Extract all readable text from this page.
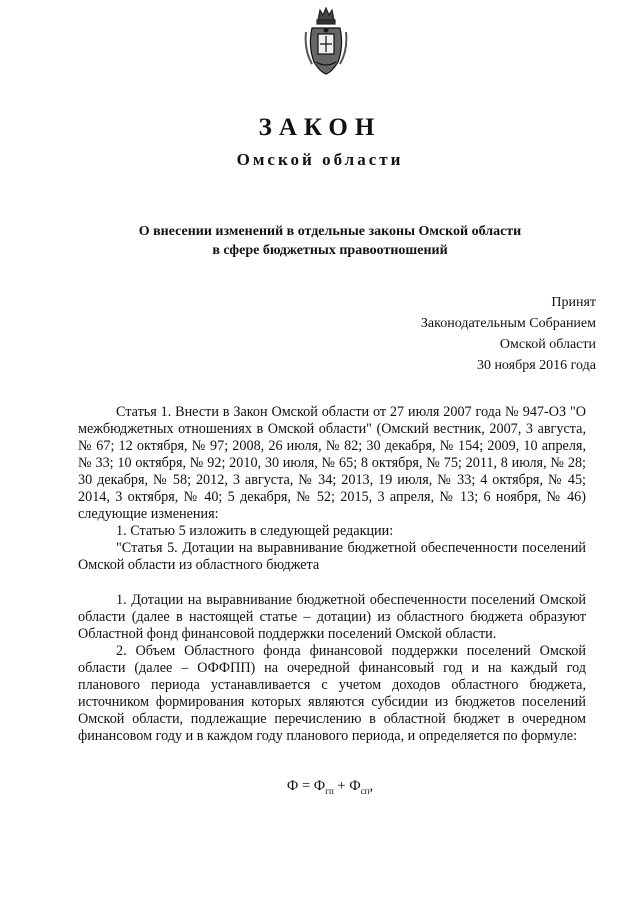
ЗАКОН
Омской области
О внесении изменений в отдельные законы Омской области
в сфере бюджетных правоотношений
Принят
Законодательным Собранием
Омской области
30 ноября 2016 года

Статья 1. Внести в Закон Омской области от 27 июля 2007 года № 947-ОЗ "О межбюджетных отношениях в Омской области" (Омский вестник, 2007, 3 августа, № 67; 12 октября, № 97; 2008, 26 июля, № 82; 30 декабря, № 154; 2009, 10 апреля, № 33; 10 октября, № 92; 2010, 30 июля, № 65; 8 октября, № 75; 2011, 8 июля, № 28; 30 декабря, № 58; 2012, 3 августа, № 34; 2013, 19 июля, № 33; 4 октября, № 45; 2014, 3 октября, № 40; 5 декабря, № 52; 2015, 3 апреля, № 13; 6 ноября, № 46) следующие изменения:

1. Статью 5 изложить в следующей редакции:

"Статья 5. Дотации на выравнивание бюджетной обеспеченности поселений Омской области из областного бюджета

1. Дотации на выравнивание бюджетной обеспеченности поселений Омской области (далее в настоящей статье – дотации) из областного бюджета образуют Областной фонд финансовой поддержки поселений Омской области.

2. Объем Областного фонда финансовой поддержки поселений Омской области (далее – ОФФПП) на очередной финансовый год и на каждый год планового периода устанавливается с учетом доходов областного бюджета, источником формирования которых являются субсидии из бюджетов поселений Омской области, подлежащие перечислению в областной бюджет в очередном финансовом году и в каждом году планового периода, и определяется по формуле:

$Ф = Ф_{гп} + Ф_{сп}$,
